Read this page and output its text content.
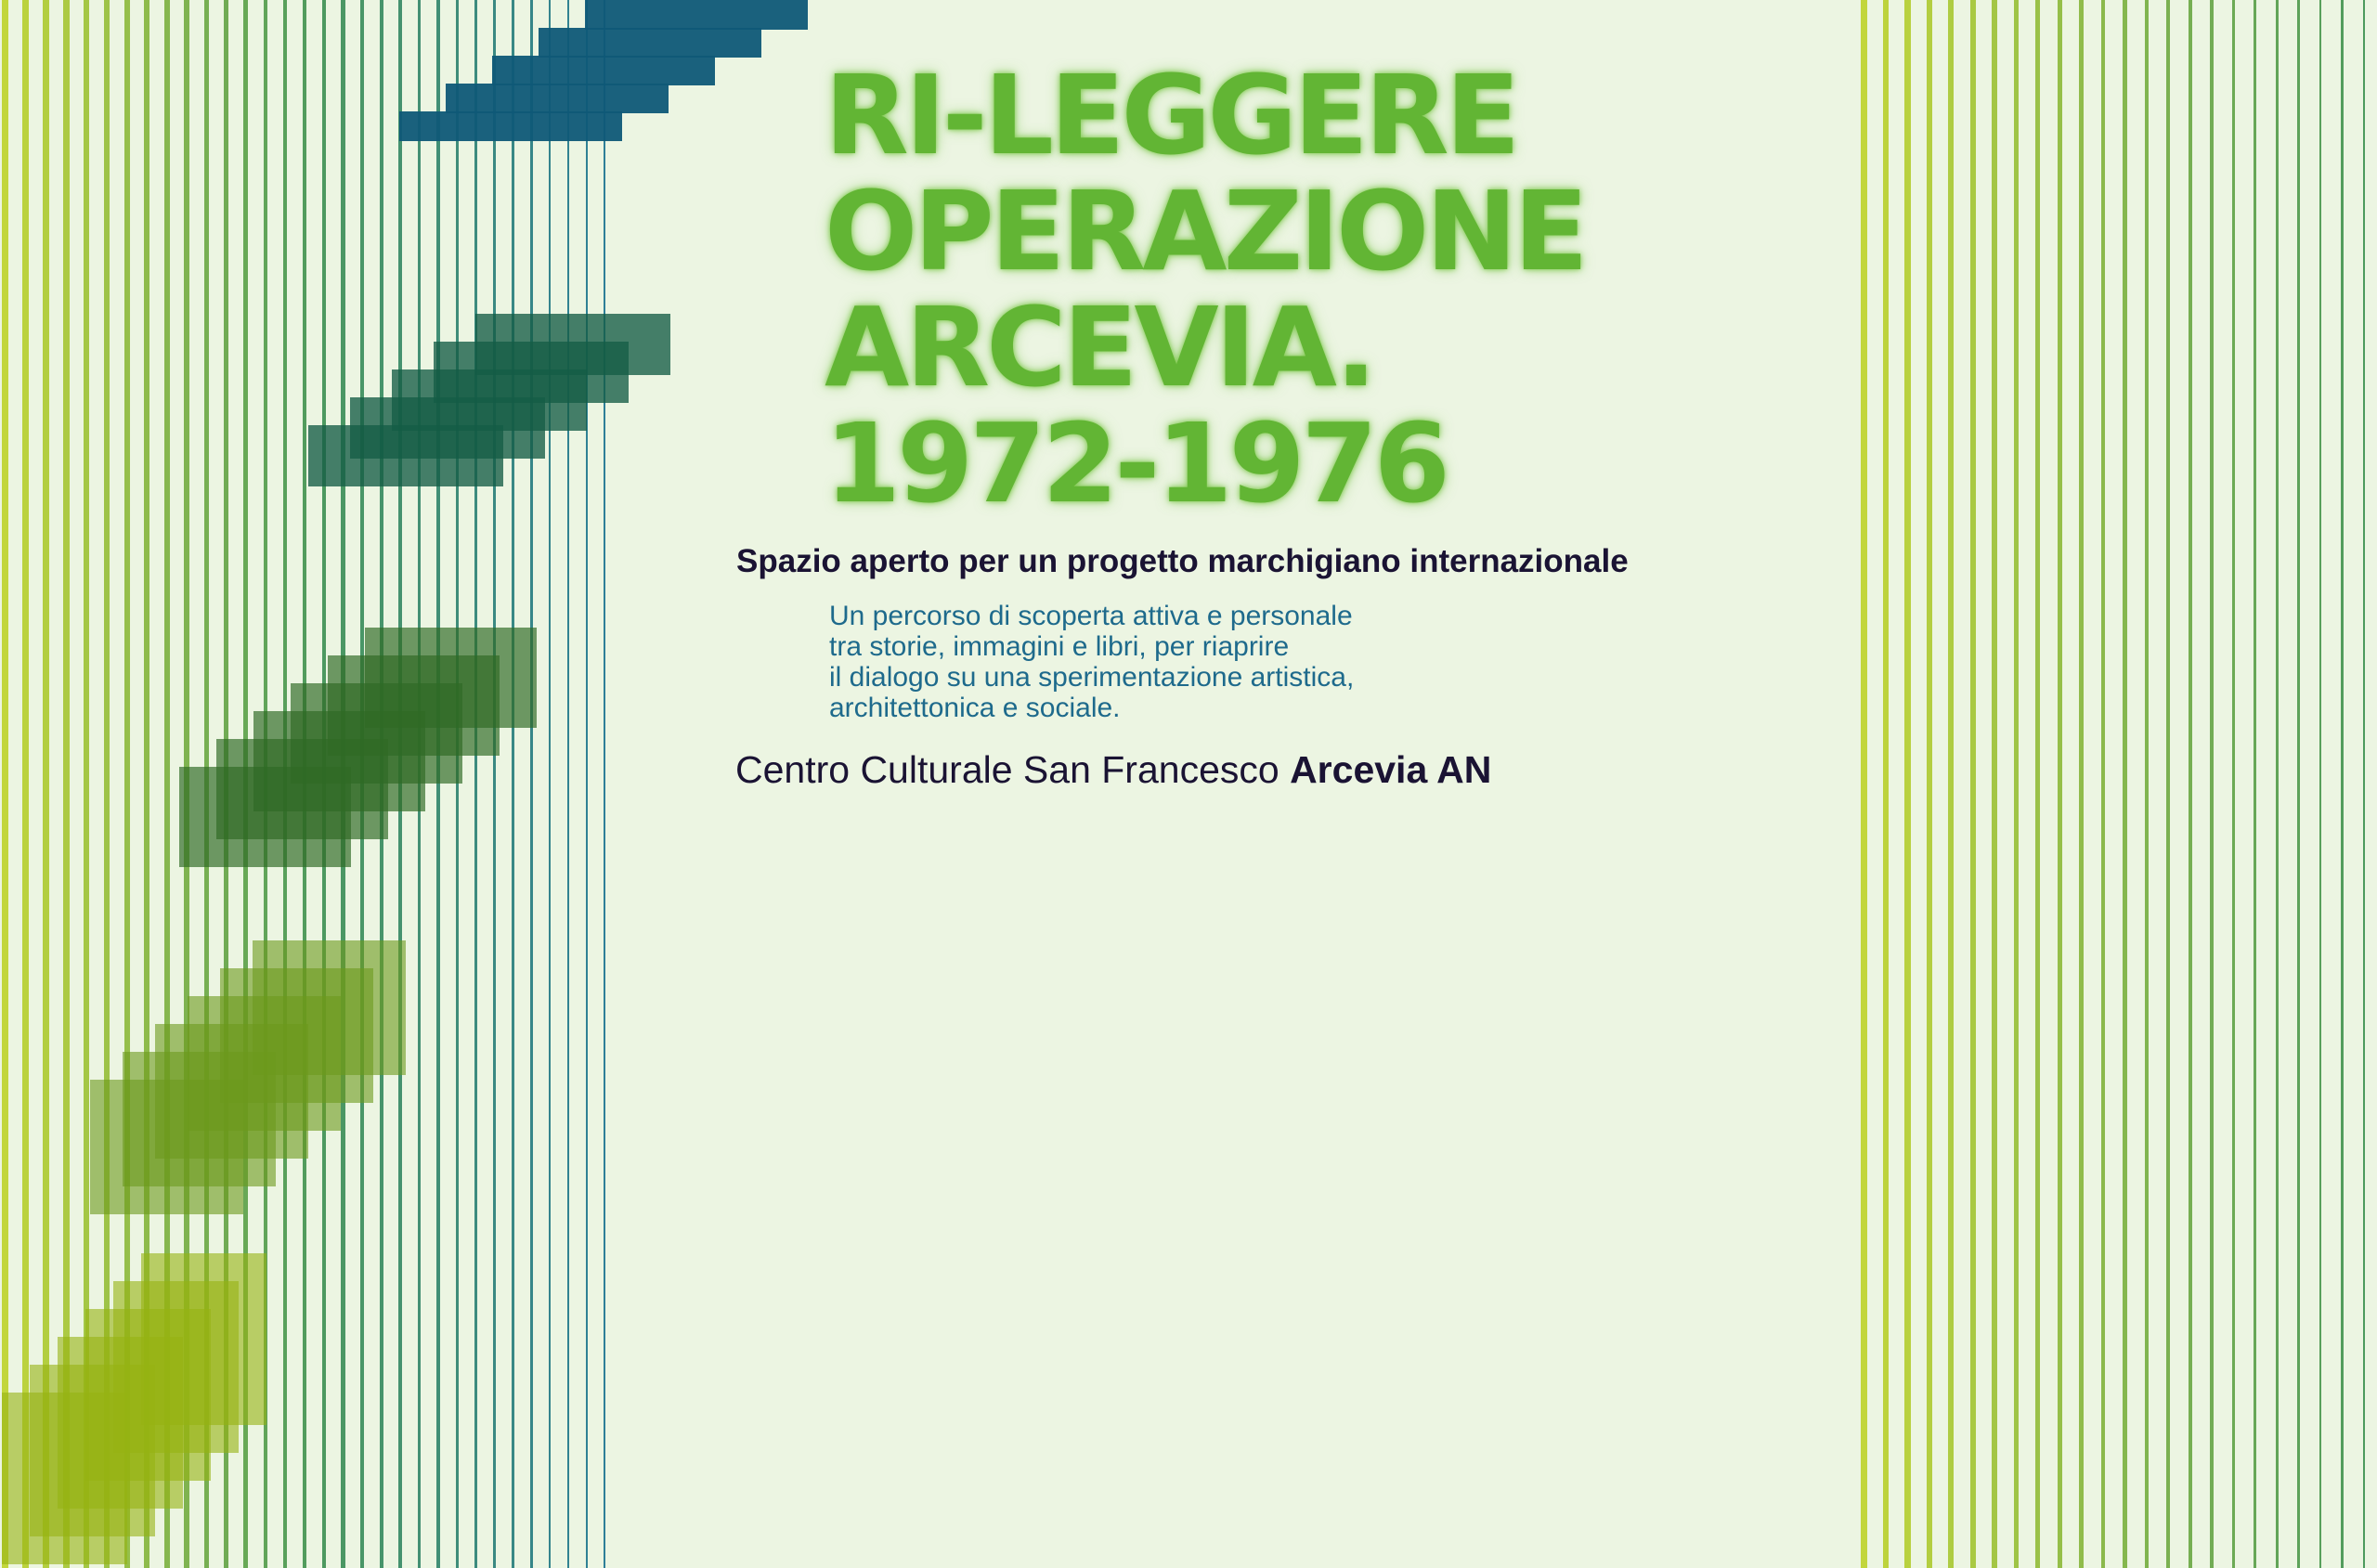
RI-LEGGERE
OPERAZIONE
ARCEVIA.
1972-1976
Spazio aperto per un progetto marchigiano internazionale
Un percorso di scoperta attiva e personale
tra storie, immagini e libri, per riaprire
il dialogo su una sperimentazione artistica,
architettonica e sociale.
Centro Culturale San Francesco Arcevia AN
